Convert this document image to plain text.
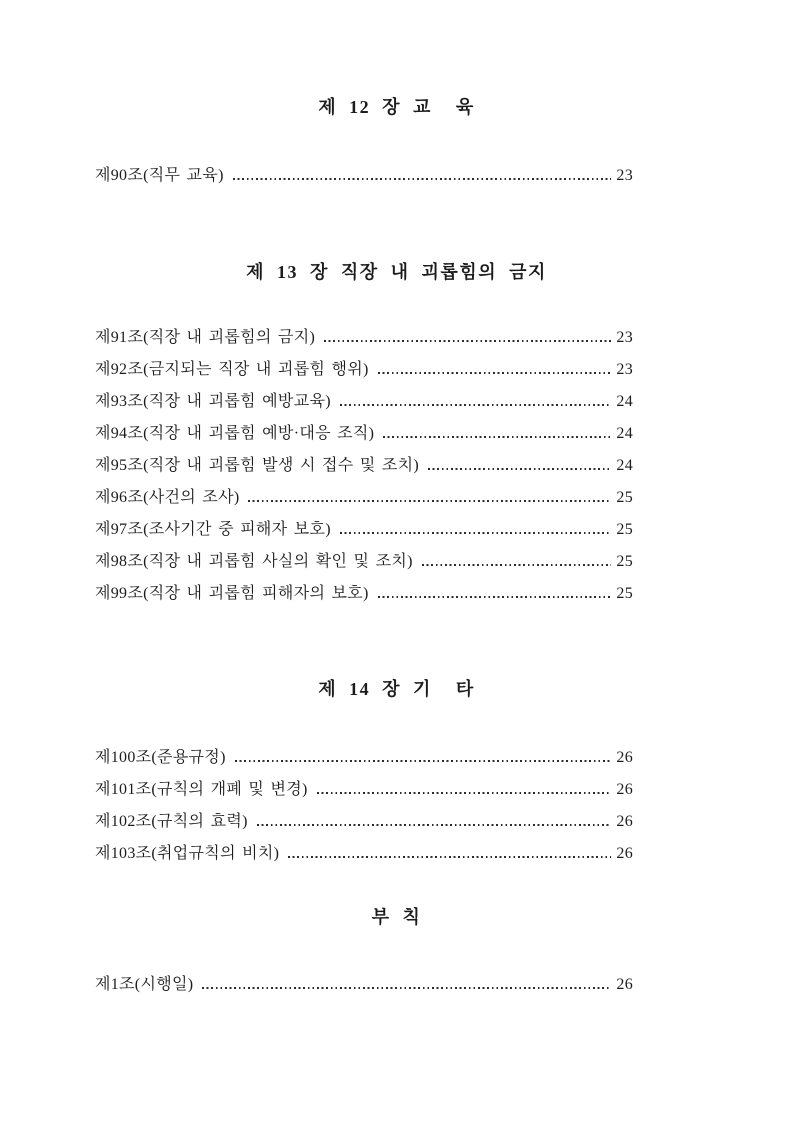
제 12 장 교  육
제90조(직무 교육)	23
제 13 장 직장 내 괴롭힘의 금지
제91조(직장 내 괴롭힘의 금지)	23
제92조(금지되는 직장 내 괴롭힘 행위)	23
제93조(직장 내 괴롭힘 예방교육)	24
제94조(직장 내 괴롭힘 예방·대응 조직)	24
제95조(직장 내 괴롭힘 발생 시 접수 및 조치)	24
제96조(사건의 조사)	25
제97조(조사기간 중 피해자 보호)	25
제98조(직장 내 괴롭힘 사실의 확인 및 조치)	25
제99조(직장 내 괴롭힘 피해자의 보호)	25
제 14 장 기  타
제100조(준용규정)	26
제101조(규칙의 개폐 및 변경)	26
제102조(규칙의 효력)	26
제103조(취업규칙의 비치)	26
부 칙
제1조(시행일)	26
